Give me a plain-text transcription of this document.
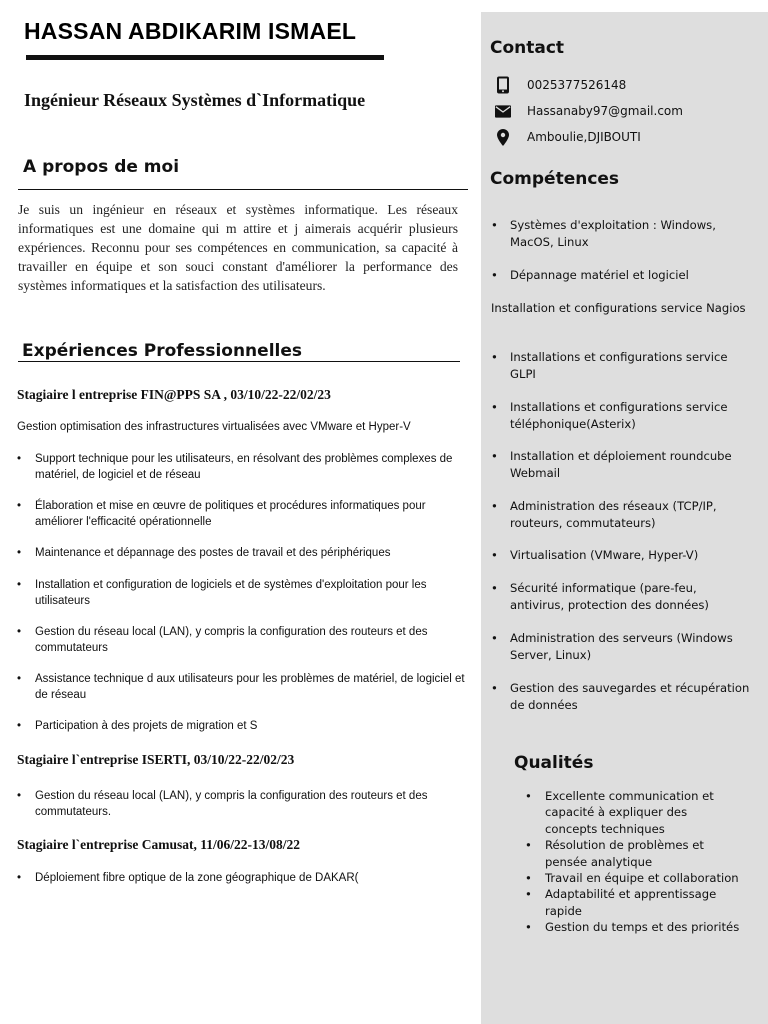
HASSAN ABDIKARIM ISMAEL
Ingénieur Réseaux Systèmes d`Informatique
A propos de moi
Je suis un ingénieur en réseaux et systèmes informatique. Les réseaux informatiques est une domaine qui m attire et j aimerais acquérir plusieurs expériences. Reconnu pour ses compétences en communication, sa capacité à travailler en équipe et son souci constant d'améliorer la performance des systèmes informatiques et la satisfaction des utilisateurs.
Expériences Professionnelles
Stagiaire l entreprise FIN@PPS SA , 03/10/22-22/02/23
Gestion optimisation des infrastructures virtualisées avec VMware et Hyper-V
• Support technique pour les utilisateurs, en résolvant des problèmes complexes de matériel, de logiciel et de réseau
• Élaboration et mise en œuvre de politiques et procédures informatiques pour améliorer l'efficacité opérationnelle
• Maintenance et dépannage des postes de travail et des périphériques
• Installation et configuration de logiciels et de systèmes d'exploitation pour les utilisateurs
• Gestion du réseau local (LAN), y compris la configuration des routeurs et des commutateurs
• Assistance technique d aux utilisateurs pour les problèmes de matériel, de logiciel et de réseau
• Participation à des projets de migration et S
Stagiaire l`entreprise ISERTI, 03/10/22-22/02/23
• Gestion du réseau local (LAN), y compris la configuration des routeurs et des commutateurs.
Stagiaire l`entreprise Camusat, 11/06/22-13/08/22
• Déploiement fibre optique de la zone géographique de DAKAR(
Contact
0025377526148
Hassanaby97@gmail.com
Amboulie,DJIBOUTI
Compétences
• Systèmes d'exploitation : Windows, MacOS, Linux
• Dépannage matériel et logiciel
Installation et configurations service Nagios
• Installations et configurations service GLPI
• Installations et configurations service téléphonique(Asterix)
• Installation et déploiement roundcube Webmail
• Administration des réseaux (TCP/IP, routeurs, commutateurs)
• Virtualisation (VMware, Hyper-V)
• Sécurité informatique (pare-feu, antivirus, protection des données)
• Administration des serveurs (Windows Server, Linux)
• Gestion des sauvegardes et récupération de données
Qualités
• Excellente communication et capacité à expliquer des concepts techniques
• Résolution de problèmes et pensée analytique
• Travail en équipe et collaboration
• Adaptabilité et apprentissage rapide
• Gestion du temps et des priorités
